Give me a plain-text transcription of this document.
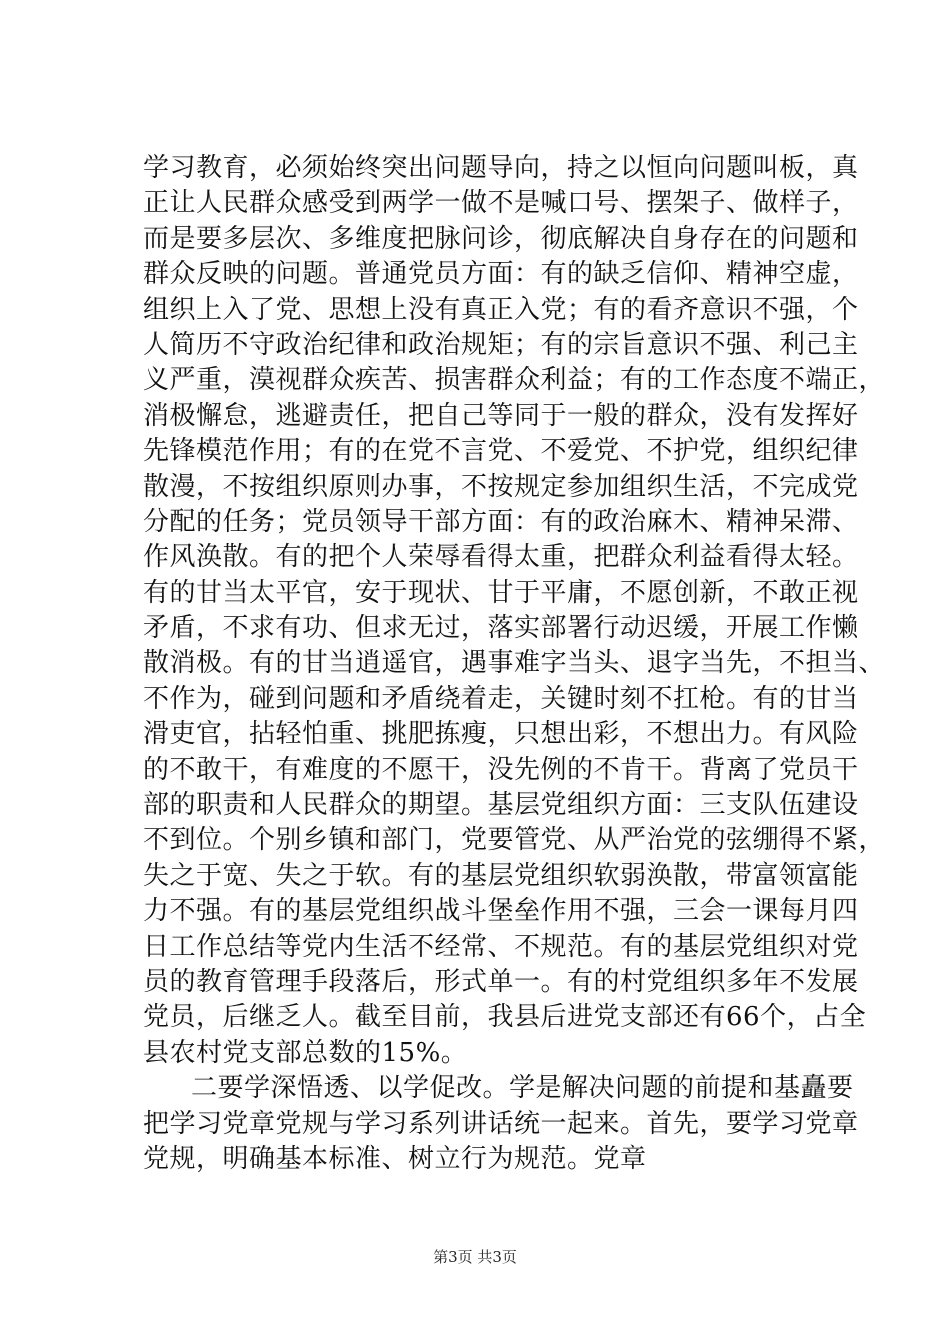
学习教育，必须始终突出问题导向，持之以恒向问题叫板，真
正让人民群众感受到两学一做不是喊口号、摆架子、做样子，
而是要多层次、多维度把脉问诊，彻底解决自身存在的问题和
群众反映的问题。普通党员方面：有的缺乏信仰、精神空虚，
组织上入了党、思想上没有真正入党；有的看齐意识不强，个
人简历不守政治纪律和政治规矩；有的宗旨意识不强、利己主
义严重，漠视群众疾苦、损害群众利益；有的工作态度不端正，
消极懈怠，逃避责任，把自己等同于一般的群众，没有发挥好
先锋模范作用；有的在党不言党、不爱党、不护党，组织纪律
散漫，不按组织原则办事，不按规定参加组织生活，不完成党
分配的任务；党员领导干部方面：有的政治麻木、精神呆滞、
作风涣散。有的把个人荣辱看得太重，把群众利益看得太轻。
有的甘当太平官，安于现状、甘于平庸，不愿创新，不敢正视
矛盾，不求有功、但求无过，落实部署行动迟缓，开展工作懒
散消极。有的甘当逍遥官，遇事难字当头、退字当先，不担当、
不作为，碰到问题和矛盾绕着走，关键时刻不扛枪。有的甘当
滑吏官，拈轻怕重、挑肥拣瘦，只想出彩，不想出力。有风险
的不敢干，有难度的不愿干，没先例的不肯干。背离了党员干
部的职责和人民群众的期望。基层党组织方面：三支队伍建设
不到位。个别乡镇和部门，党要管党、从严治党的弦绷得不紧，
失之于宽、失之于软。有的基层党组织软弱涣散，带富领富能
力不强。有的基层党组织战斗堡垒作用不强，三会一课每月四
日工作总结等党内生活不经常、不规范。有的基层党组织对党
员的教育管理手段落后，形式单一。有的村党组织多年不发展
党员，后继乏人。截至目前，我县后进党支部还有66个，占全
县农村党支部总数的15%。
二要学深悟透、以学促改。学是解决问题的前提和基矗要
把学习党章党规与学习系列讲话统一起来。首先，要学习党章
党规，明确基本标准、树立行为规范。党章
第3页 共3页
